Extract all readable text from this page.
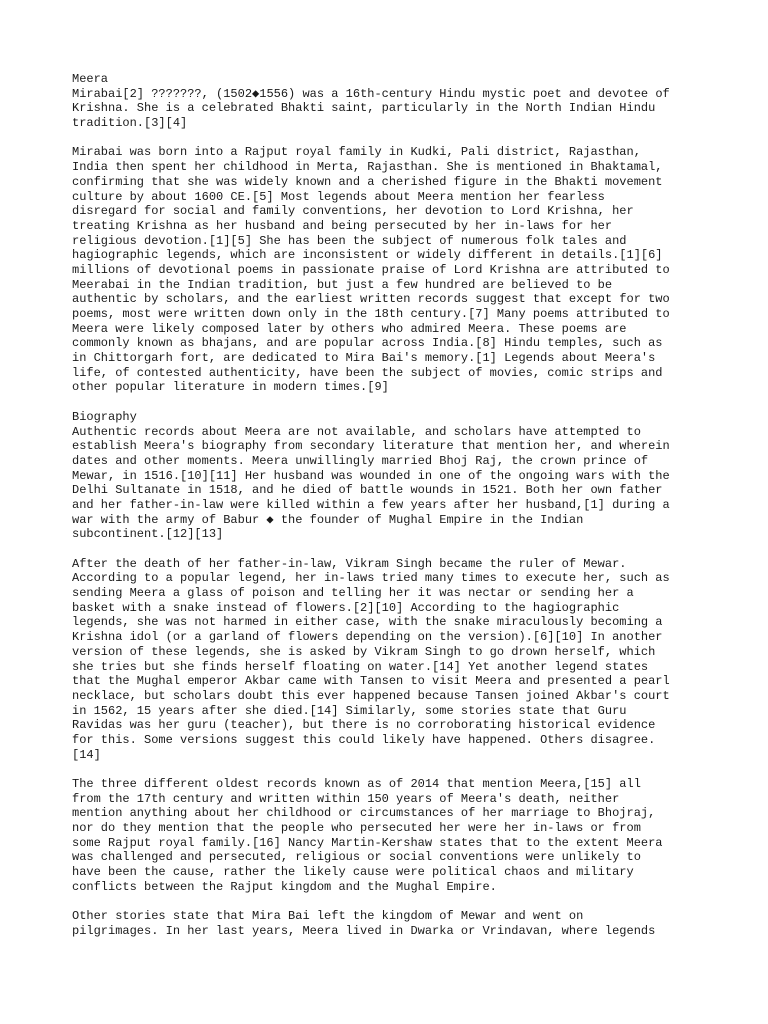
Meera
Mirabai[2] ???????, (1502◆1556) was a 16th-century Hindu mystic poet and devotee of
Krishna. She is a celebrated Bhakti saint, particularly in the North Indian Hindu
tradition.[3][4]
Mirabai was born into a Rajput royal family in Kudki, Pali district, Rajasthan,
India then spent her childhood in Merta, Rajasthan. She is mentioned in Bhaktamal,
confirming that she was widely known and a cherished figure in the Bhakti movement
culture by about 1600 CE.[5] Most legends about Meera mention her fearless
disregard for social and family conventions, her devotion to Lord Krishna, her
treating Krishna as her husband and being persecuted by her in-laws for her
religious devotion.[1][5] She has been the subject of numerous folk tales and
hagiographic legends, which are inconsistent or widely different in details.[1][6]
millions of devotional poems in passionate praise of Lord Krishna are attributed to
Meerabai in the Indian tradition, but just a few hundred are believed to be
authentic by scholars, and the earliest written records suggest that except for two
poems, most were written down only in the 18th century.[7] Many poems attributed to
Meera were likely composed later by others who admired Meera. These poems are
commonly known as bhajans, and are popular across India.[8] Hindu temples, such as
in Chittorgarh fort, are dedicated to Mira Bai's memory.[1] Legends about Meera's
life, of contested authenticity, have been the subject of movies, comic strips and
other popular literature in modern times.[9]
Biography
Authentic records about Meera are not available, and scholars have attempted to
establish Meera's biography from secondary literature that mention her, and wherein
dates and other moments. Meera unwillingly married Bhoj Raj, the crown prince of
Mewar, in 1516.[10][11] Her husband was wounded in one of the ongoing wars with the
Delhi Sultanate in 1518, and he died of battle wounds in 1521. Both her own father
and her father-in-law were killed within a few years after her husband,[1] during a
war with the army of Babur ◆ the founder of Mughal Empire in the Indian
subcontinent.[12][13]
After the death of her father-in-law, Vikram Singh became the ruler of Mewar.
According to a popular legend, her in-laws tried many times to execute her, such as
sending Meera a glass of poison and telling her it was nectar or sending her a
basket with a snake instead of flowers.[2][10] According to the hagiographic
legends, she was not harmed in either case, with the snake miraculously becoming a
Krishna idol (or a garland of flowers depending on the version).[6][10] In another
version of these legends, she is asked by Vikram Singh to go drown herself, which
she tries but she finds herself floating on water.[14] Yet another legend states
that the Mughal emperor Akbar came with Tansen to visit Meera and presented a pearl
necklace, but scholars doubt this ever happened because Tansen joined Akbar's court
in 1562, 15 years after she died.[14] Similarly, some stories state that Guru
Ravidas was her guru (teacher), but there is no corroborating historical evidence
for this. Some versions suggest this could likely have happened. Others disagree.
[14]
The three different oldest records known as of 2014 that mention Meera,[15] all
from the 17th century and written within 150 years of Meera's death, neither
mention anything about her childhood or circumstances of her marriage to Bhojraj,
nor do they mention that the people who persecuted her were her in-laws or from
some Rajput royal family.[16] Nancy Martin-Kershaw states that to the extent Meera
was challenged and persecuted, religious or social conventions were unlikely to
have been the cause, rather the likely cause were political chaos and military
conflicts between the Rajput kingdom and the Mughal Empire.
Other stories state that Mira Bai left the kingdom of Mewar and went on
pilgrimages. In her last years, Meera lived in Dwarka or Vrindavan, where legends
